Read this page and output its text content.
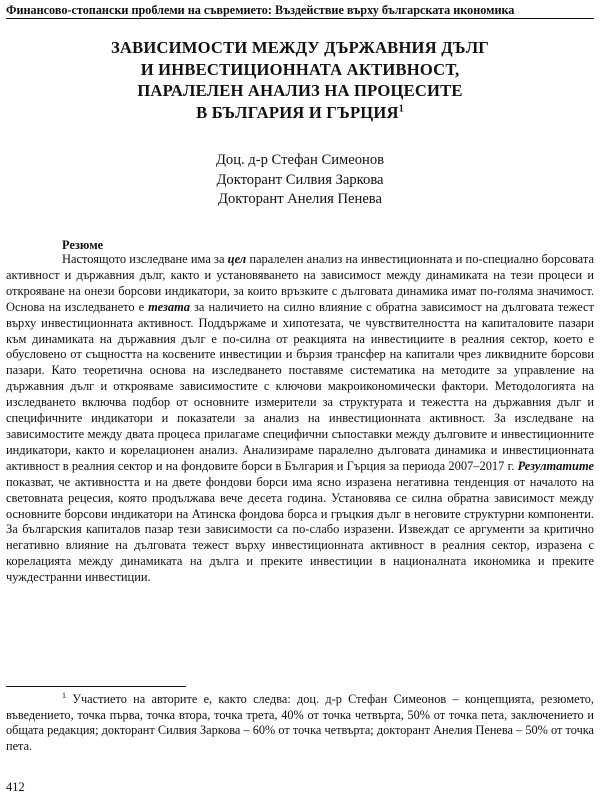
Финансово-стопански проблеми на съвремието: Въздействие върху българската икономика
ЗАВИСИМОСТИ МЕЖДУ ДЪРЖАВНИЯ ДЪЛГ
И ИНВЕСТИЦИОННАТА АКТИВНОСТ,
ПАРАЛЕЛЕН АНАЛИЗ НА ПРОЦЕСИТЕ
В БЪЛГАРИЯ И ГЪРЦИЯ$^1$
Доц. д-р Стефан Симеонов
Докторант Силвия Заркова
Докторант Анелия Пенева
Резюме

Настоящото изследване има за цел паралелен анализ на инвестиционната и по-специално борсовата активност и държавния дълг, както и установяването на зависимост между динамиката на тези процеси и открояване на онези борсови индикатори, за които връзките с дълговата динамика имат по-голяма значимост. Основа на изследването е тезата за наличието на силно влияние с обратна зависимост на дълговата тежест върху инвестиционната активност. Поддържаме и хипотезата, че чувствителността на капиталовите пазари към динамиката на държавния дълг е по-силна от реакцията на инвестициите в реалния сектор, което е обусловено от същността на косвените инвестиции и бързия трансфер на капитали чрез ликвидните борсови пазари. Като теоретична основа на изследването поставяме систематика на методите за управление на държавния дълг и открояваме зависимостите с ключови макроикономически фактори. Методологията на изследването включва подбор от основните измерители за структурата и тежестта на държавния дълг и специфичните индикатори и показатели за анализ на инвестиционната активност. За изследване на зависимостите между двата процеса прилагаме специфични съпоставки между дълговите и инвестиционните индикатори, както и корелационен анализ. Анализираме паралелно дълговата динамика и инвестиционната активност в реалния сектор и на фондовите борси в България и Гърция за периода 2007–2017 г. Резултатите показват, че активността и на двете фондови борси има ясно изразена негативна тенденция от началото на световната рецесия, която продължава вече десета година. Установява се силна обратна зависимост между основните борсови индикатори на Атинска фондова борса и гръцкия дълг в неговите структурни компоненти. За българския капиталов пазар тези зависимости са по-слабо изразени. Извеждат се аргументи за критично негативно влияние на дълговата тежест върху инвестиционната активност в реалния сектор, изразена с корелацията между динамиката на дълга и преките инвестиции в националната икономика и преките чуждестранни инвестиции.

$^1$ Участието на авторите е, както следва: доц. д-р Стефан Симеонов – концепцията, резюмето, въведението, точка първа, точка втора, точка трета, 40% от точка четвърта, 50% от точка пета, заключението и общата редакция; докторант Силвия Заркова – 60% от точка четвърта; докторант Анелия Пенева – 50% от точка пета.

412
